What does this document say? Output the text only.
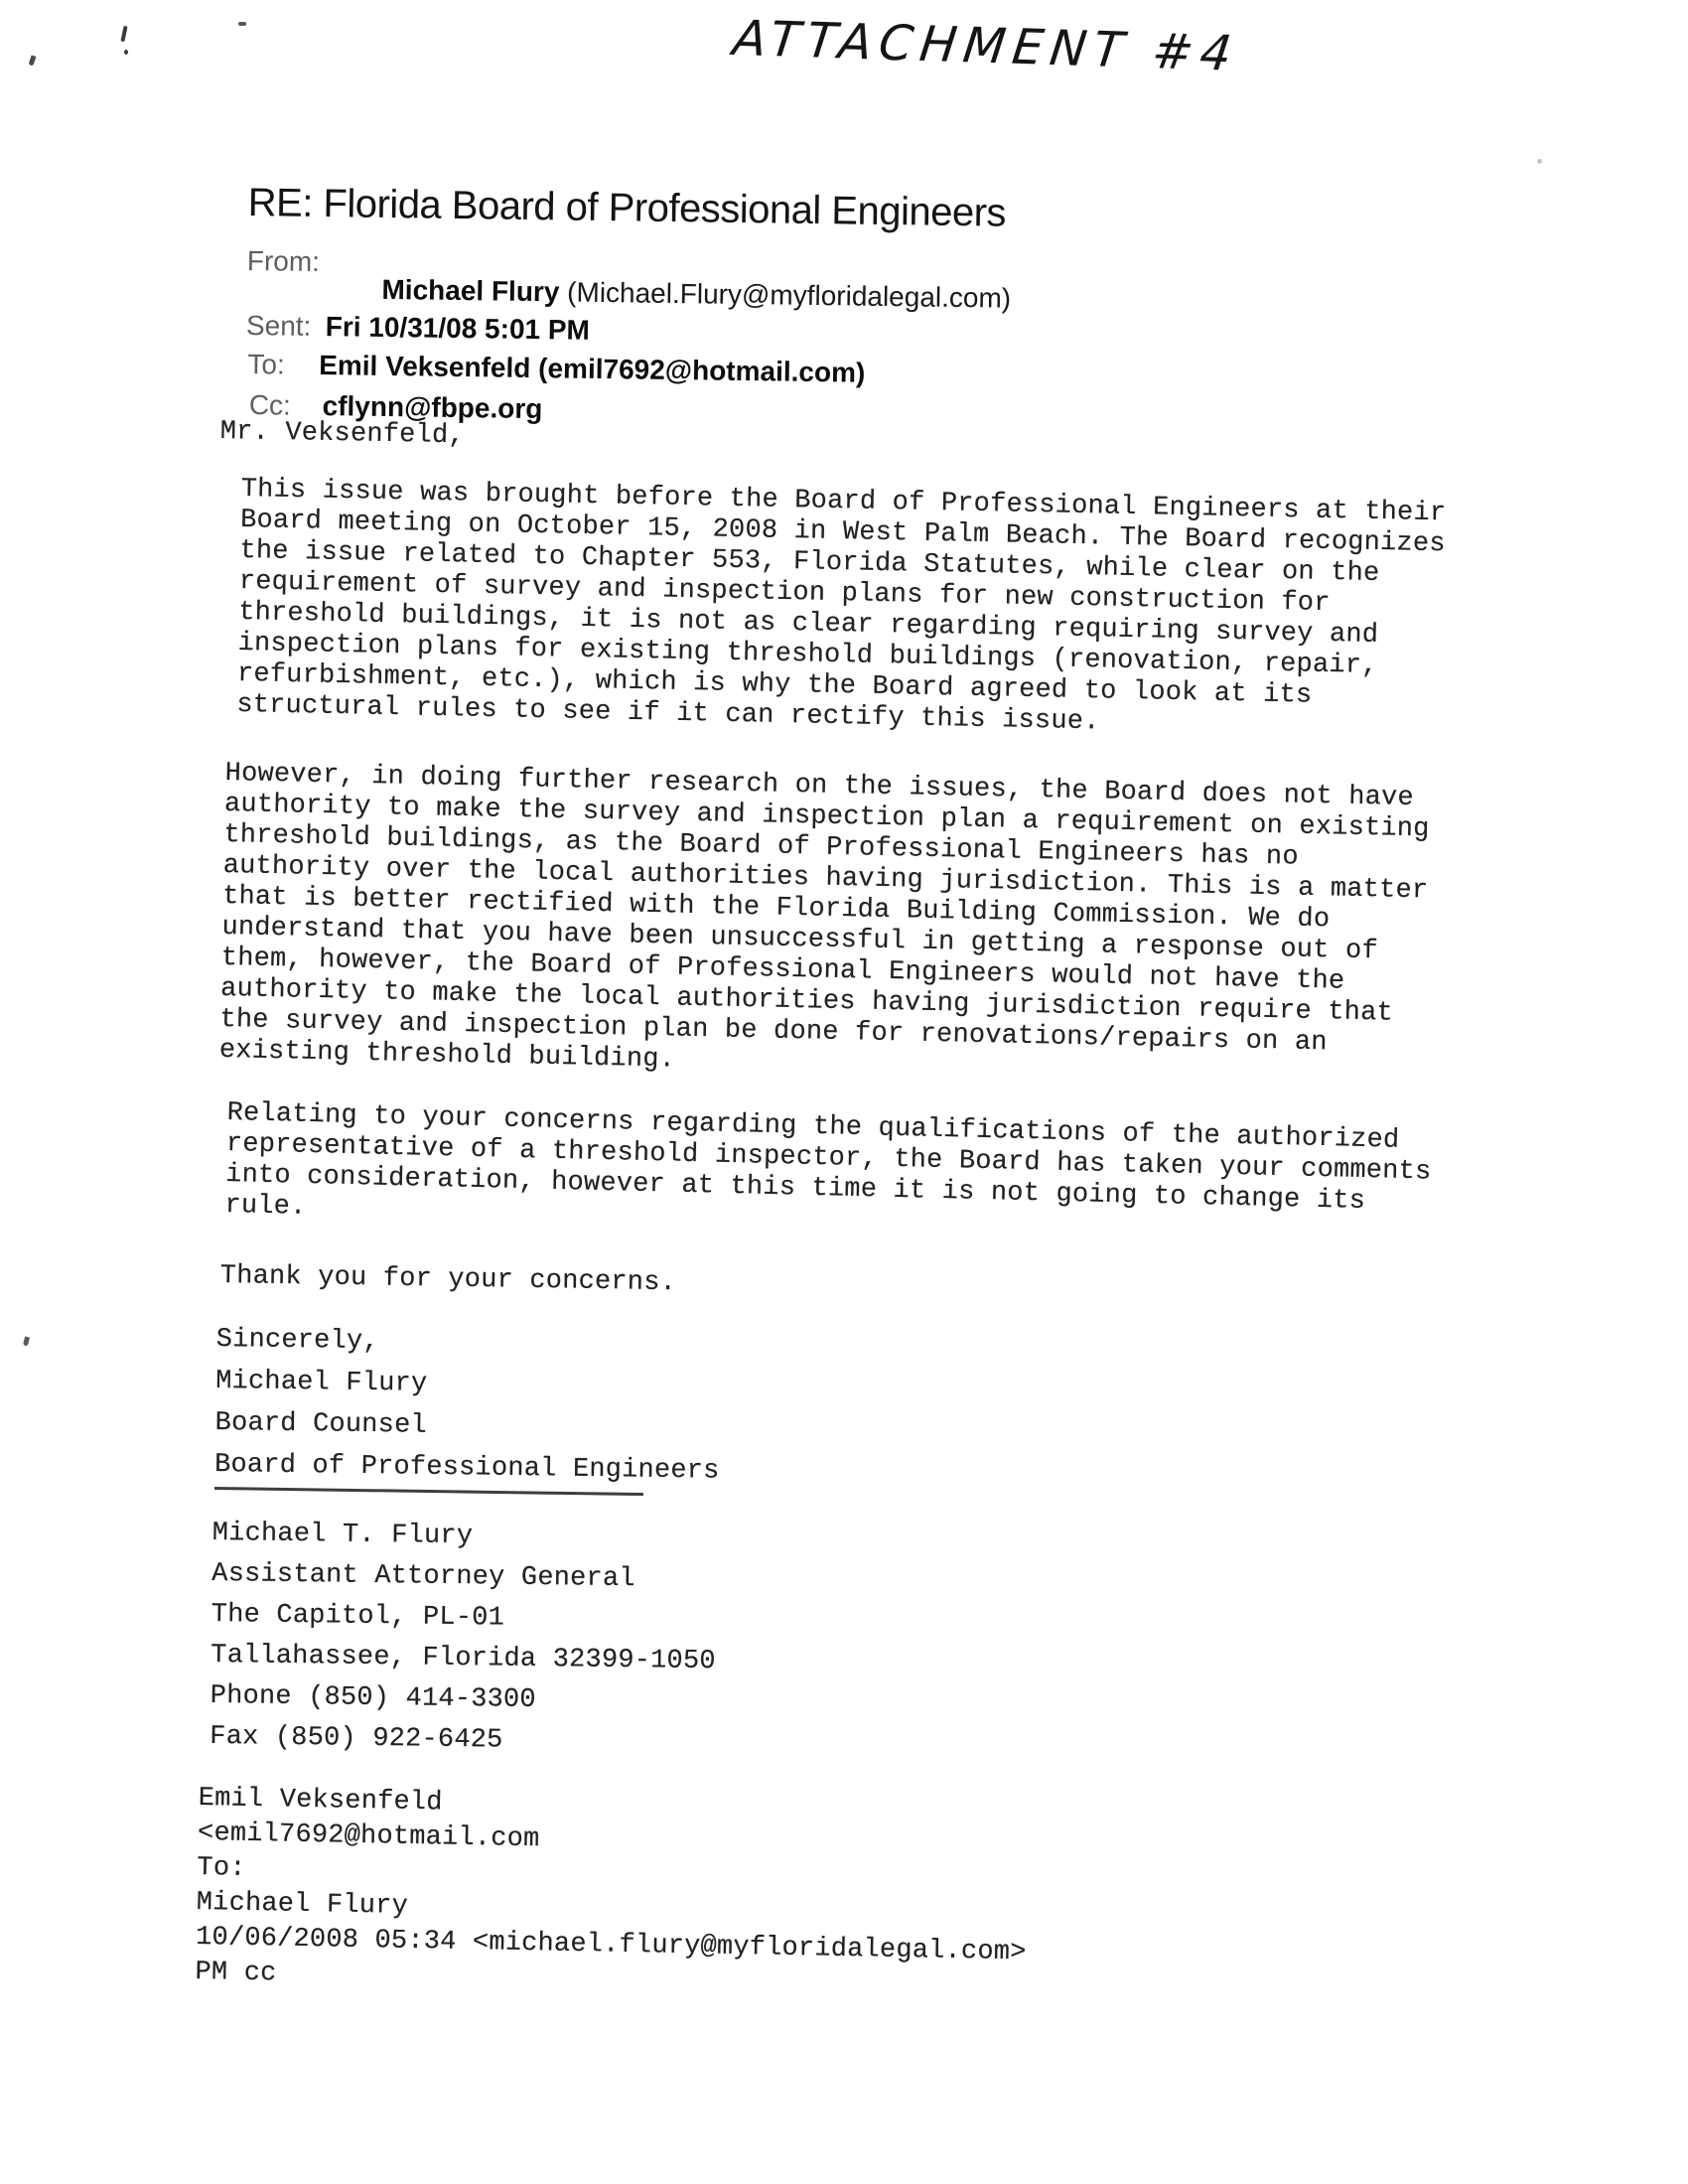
ATTACHMENT #4
RE: Florida Board of Professional Engineers
From:
Michael Flury (Michael.Flury@myfloridalegal.com)
Sent: Fri 10/31/08 5:01 PM
To: Emil Veksenfeld (emil7692@hotmail.com)
Cc: cflynn@fbpe.org
Mr. Veksenfeld,
This issue was brought before the Board of Professional Engineers at their
Board meeting on October 15, 2008 in West Palm Beach. The Board recognizes
the issue related to Chapter 553, Florida Statutes, while clear on the
requirement of survey and inspection plans for new construction for
threshold buildings, it is not as clear regarding requiring survey and
inspection plans for existing threshold buildings (renovation, repair,
refurbishment, etc.), which is why the Board agreed to look at its
structural rules to see if it can rectify this issue.
However, in doing further research on the issues, the Board does not have
authority to make the survey and inspection plan a requirement on existing
threshold buildings, as the Board of Professional Engineers has no
authority over the local authorities having jurisdiction. This is a matter
that is better rectified with the Florida Building Commission. We do
understand that you have been unsuccessful in getting a response out of
them, however, the Board of Professional Engineers would not have the
authority to make the local authorities having jurisdiction require that
the survey and inspection plan be done for renovations/repairs on an
existing threshold building.
Relating to your concerns regarding the qualifications of the authorized
representative of a threshold inspector, the Board has taken your comments
into consideration, however at this time it is not going to change its
rule.
Thank you for your concerns.
Sincerely,
Michael Flury
Board Counsel
Board of Professional Engineers
Michael T. Flury
Assistant Attorney General
The Capitol, PL-01
Tallahassee, Florida 32399-1050
Phone (850) 414-3300
Fax (850) 922-6425
Emil Veksenfeld
<emil7692@hotmail.com
To:
Michael Flury
10/06/2008 05:34 <michael.flury@myfloridalegal.com>
PM cc
